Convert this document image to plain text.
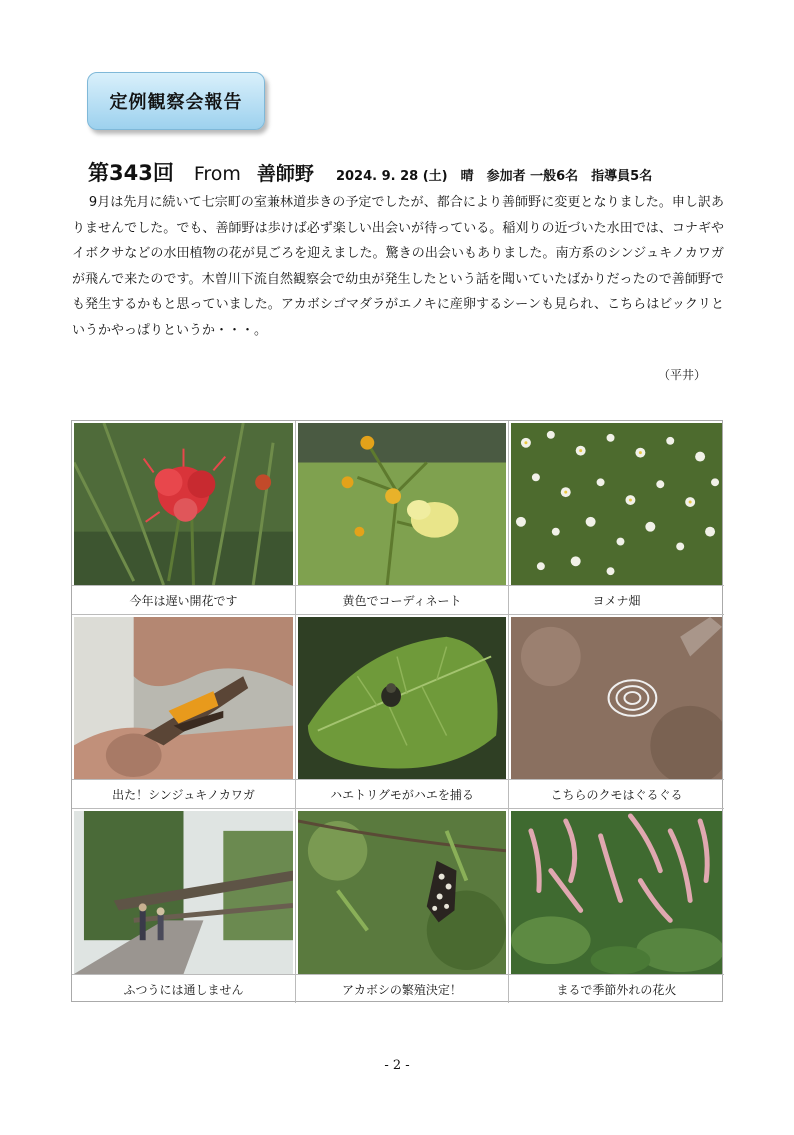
定例観察会報告
第343回 From 善師野 2024. 9. 28 (土)　晴　参加者 一般6名　指導員5名

9月は先月に続いて七宗町の室兼林道歩きの予定でしたが、都合により善師野に変更となりました。申し訳ありませんでした。でも、善師野は歩けば必ず楽しい出会いが待っている。稲刈りの近づいた水田では、コナギやイボクサなどの水田植物の花が見ごろを迎えました。驚きの出会いもありました。南方系のシンジュキノカワガが飛んで来たのです。木曽川下流自然観察会で幼虫が発生したという話を聞いていたばかりだったので善師野でも発生するかもと思っていました。アカボシゴマダラがエノキに産卵するシーンも見られ、こちらはビックリというかやっぱりというか・・・。

（平井）
今年は遅い開花です	黄色でコーディネート	ヨメナ畑
出た！シンジュキノカワガ	ハエトリグモがハエを捕る	こちらのクモはぐるぐる
ふつうには通しません	アカボシの繁殖決定！	まるで季節外れの花火
- 2 -
